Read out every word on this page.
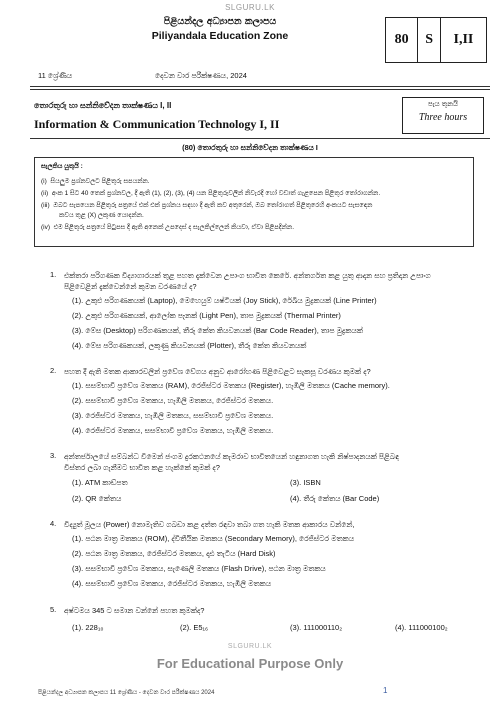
SLGURU.LK
පිළියන්දල අධ්‍යාපන කලාපය
Piliyandala Education Zone	80	S	I,II
11 ශ්‍රේණිය	දෙවන වාර පරීක්ෂණය, 2024
තොරතුරු හා සන්නිවේදන තාක්ෂණය I, II
Information & Communication Technology I, II
පැය තුනයි
Three hours
(80) තොරතුරු හා සන්නිවේදන තාක්ෂණය I
සැලකිය යුතුයි :
(i) සියලුම ප්‍රශ්නවලට පිළිතුරු සපයන්න.
(ii) අංක 1 සිට 40 තෙක් ප්‍රශ්නවල, දී ඇති (1), (2), (3), (4) යන පිළිතුරුවලින් නිවැරදි හෝ වඩාත් ගැළපෙන පිළිතුර තෝරාගන්න.
(iii) ඔබට සැපයෙන පිළිතුරු පත්‍රයේ එක් එක් ප්‍රශ්නය සඳහා දී ඇති කව අතුරෙන්, ඔබ තෝරාගත් පිළිතුරෙහි අංකයට සැසඳෙන
කවය තුළ (X) ලකුණ යොදන්න.
(iv) එම පිළිතුරු පත්‍රයේ පිටුපස දී ඇති අනෙක් උපදෙස් ද සැලකිල්ලෙන් කියවා, ඒවා පිළිපදින්න.
1. එක්තරා පරිගණක විද්‍යාගාරයක් තුළ පහත දැක්වෙන උපාංග භාවිත කෙරේ. අන්තර්ගත කළ යුතු ආදාන සහ ප්‍රතිදාන උපාංග
පිළිවෙළින් දැක්වෙන්නේ කුමන වරණයේ ද?
(1). උකුළු පරිගණකයක් (Laptop), මෙහෙයුම් යෂ්ටියක් (Joy Stick), රේඛීය මුද්‍රකයක් (Line Printer)
(2). උකුළු පරිගණකයක්, ආලෝක පෑනක් (Light Pen), තාප මුද්‍රකයක් (Thermal Printer)
(3). මේස (Desktop) පරිගණකයක්, තීරු කේත කියවනයක් (Bar Code Reader), තාප මුද්‍රකයක්
(4). මේස පරිගණකයක්, ලකුණු කියවනයක් (Plotter), තීරු කේත කියවනයක්
2. පහත දී ඇති මතක ආකාරවලින් ප්‍රවේශ වේගය අනුව ආරෝහණ පිළිවෙළට සැකසූ වරණය කුමක් ද?
(1). සසම්භාවී ප්‍රවේශ මතකය (RAM), රෙජිස්ටර මතකය (Register), හැඹිලි මතකය (Cache memory).
(2). සසම්භාවී ප්‍රවේශ මතකය, හැඹිලි මතකය, රෙජිස්ටර මතකය.
(3). රෙජිස්ටර මතකය, හැඹිලි මතකය, සසම්භාවී ප්‍රවේශ මතකය.
(4). රෙජිස්ටර මතකය, සසම්භාවී ප්‍රවේශ මතකය, හැඹිලි මතකය.
3. අන්තර්ජාලයේ සම්බන්ධ වීමෙන් ජංගම දුරකථනයේ කැමරාව භාවිතයෙන් හඳුනාගත හැකි නිෂ්පාදනයක් පිළිබඳ
විස්තර ලබා ගැනීමට භාවිත කළ හැක්කේ කුමක් ද?
(1). ATM කාඩ්පත
(2). QR කේතය
(3). ISBN
(4). තීරු කේතය (Bar Code)
4. විද්‍යුත් මූලය (Power) නොමැතිව ගබඩා කළ දත්ත රඳවා තබා ගත හැකි මතක ආකාරය වන්නේ,
(1). පඨන මාත්‍ර මතකය (ROM), ද්විතීයික මතකය (Secondary Memory), රෙජිස්ටර මතකය
(2). පඨන මාත්‍ර මතකය, රෙජිස්ටර මතකය, දෘඪ තැටිය (Hard Disk)
(3). සසම්භාවී ප්‍රවේශ මතකය, සැණෙලි මතකය (Flash Drive), පඨන මාත්‍ර මතකය
(4). සසම්භාවී ප්‍රවේශ මතකය, රෙජිස්ටර මතකය, හැඹිලි මතකය
5. අෂ්ටමය 345 ට සමාන වන්නේ පහත කුමක්ද?
(1). 228₁₀	(2). E5₁₆	(3). 111000110₂	(4). 111000100₂
SLGURU.LK
For Educational Purpose Only
පිළියන්දල අධ්‍යාපන කලාපය 11 ශ්‍රේණිය - දෙවන වාර පරීක්ෂණය 2024	1
